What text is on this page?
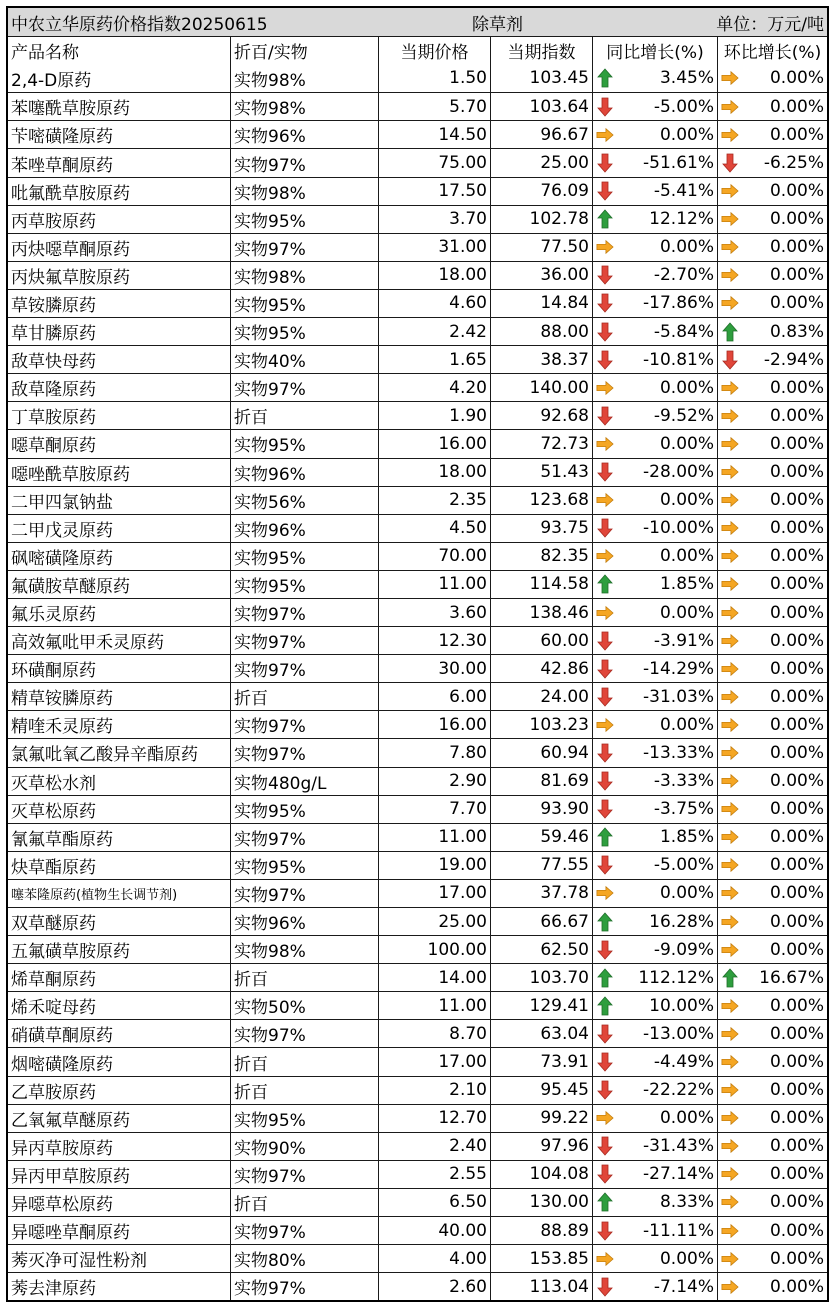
中农立华原药价格指数20250615	除草剂	单位：万元/吨
产品名称	折百/实物	当期价格	当期指数	同比增长(%)	环比增长(%)
2,4-D原药	实物98%	1.50	103.45	3.45%	0.00%
苯噻酰草胺原药	实物98%	5.70	103.64	-5.00%	0.00%
苄嘧磺隆原药	实物96%	14.50	96.67	0.00%	0.00%
苯唑草酮原药	实物97%	75.00	25.00	-51.61%	-6.25%
吡氟酰草胺原药	实物98%	17.50	76.09	-5.41%	0.00%
丙草胺原药	实物95%	3.70	102.78	12.12%	0.00%
丙炔噁草酮原药	实物97%	31.00	77.50	0.00%	0.00%
丙炔氟草胺原药	实物98%	18.00	36.00	-2.70%	0.00%
草铵膦原药	实物95%	4.60	14.84	-17.86%	0.00%
草甘膦原药	实物95%	2.42	88.00	-5.84%	0.83%
敌草快母药	实物40%	1.65	38.37	-10.81%	-2.94%
敌草隆原药	实物97%	4.20	140.00	0.00%	0.00%
丁草胺原药	折百	1.90	92.68	-9.52%	0.00%
噁草酮原药	实物95%	16.00	72.73	0.00%	0.00%
噁唑酰草胺原药	实物96%	18.00	51.43	-28.00%	0.00%
二甲四氯钠盐	实物56%	2.35	123.68	0.00%	0.00%
二甲戊灵原药	实物96%	4.50	93.75	-10.00%	0.00%
砜嘧磺隆原药	实物95%	70.00	82.35	0.00%	0.00%
氟磺胺草醚原药	实物95%	11.00	114.58	1.85%	0.00%
氟乐灵原药	实物97%	3.60	138.46	0.00%	0.00%
高效氟吡甲禾灵原药	实物97%	12.30	60.00	-3.91%	0.00%
环磺酮原药	实物97%	30.00	42.86	-14.29%	0.00%
精草铵膦原药	折百	6.00	24.00	-31.03%	0.00%
精喹禾灵原药	实物97%	16.00	103.23	0.00%	0.00%
氯氟吡氧乙酸异辛酯原药	实物97%	7.80	60.94	-13.33%	0.00%
灭草松水剂	实物480g/L	2.90	81.69	-3.33%	0.00%
灭草松原药	实物95%	7.70	93.90	-3.75%	0.00%
氰氟草酯原药	实物97%	11.00	59.46	1.85%	0.00%
炔草酯原药	实物95%	19.00	77.55	-5.00%	0.00%
噻苯隆原药(植物生长调节剂)	实物97%	17.00	37.78	0.00%	0.00%
双草醚原药	实物96%	25.00	66.67	16.28%	0.00%
五氟磺草胺原药	实物98%	100.00	62.50	-9.09%	0.00%
烯草酮原药	折百	14.00	103.70	112.12%	16.67%
烯禾啶母药	实物50%	11.00	129.41	10.00%	0.00%
硝磺草酮原药	实物97%	8.70	63.04	-13.00%	0.00%
烟嘧磺隆原药	折百	17.00	73.91	-4.49%	0.00%
乙草胺原药	折百	2.10	95.45	-22.22%	0.00%
乙氧氟草醚原药	实物95%	12.70	99.22	0.00%	0.00%
异丙草胺原药	实物90%	2.40	97.96	-31.43%	0.00%
异丙甲草胺原药	实物97%	2.55	104.08	-27.14%	0.00%
异噁草松原药	折百	6.50	130.00	8.33%	0.00%
异噁唑草酮原药	实物97%	40.00	88.89	-11.11%	0.00%
莠灭净可湿性粉剂	实物80%	4.00	153.85	0.00%	0.00%
莠去津原药	实物97%	2.60	113.04	-7.14%	0.00%
